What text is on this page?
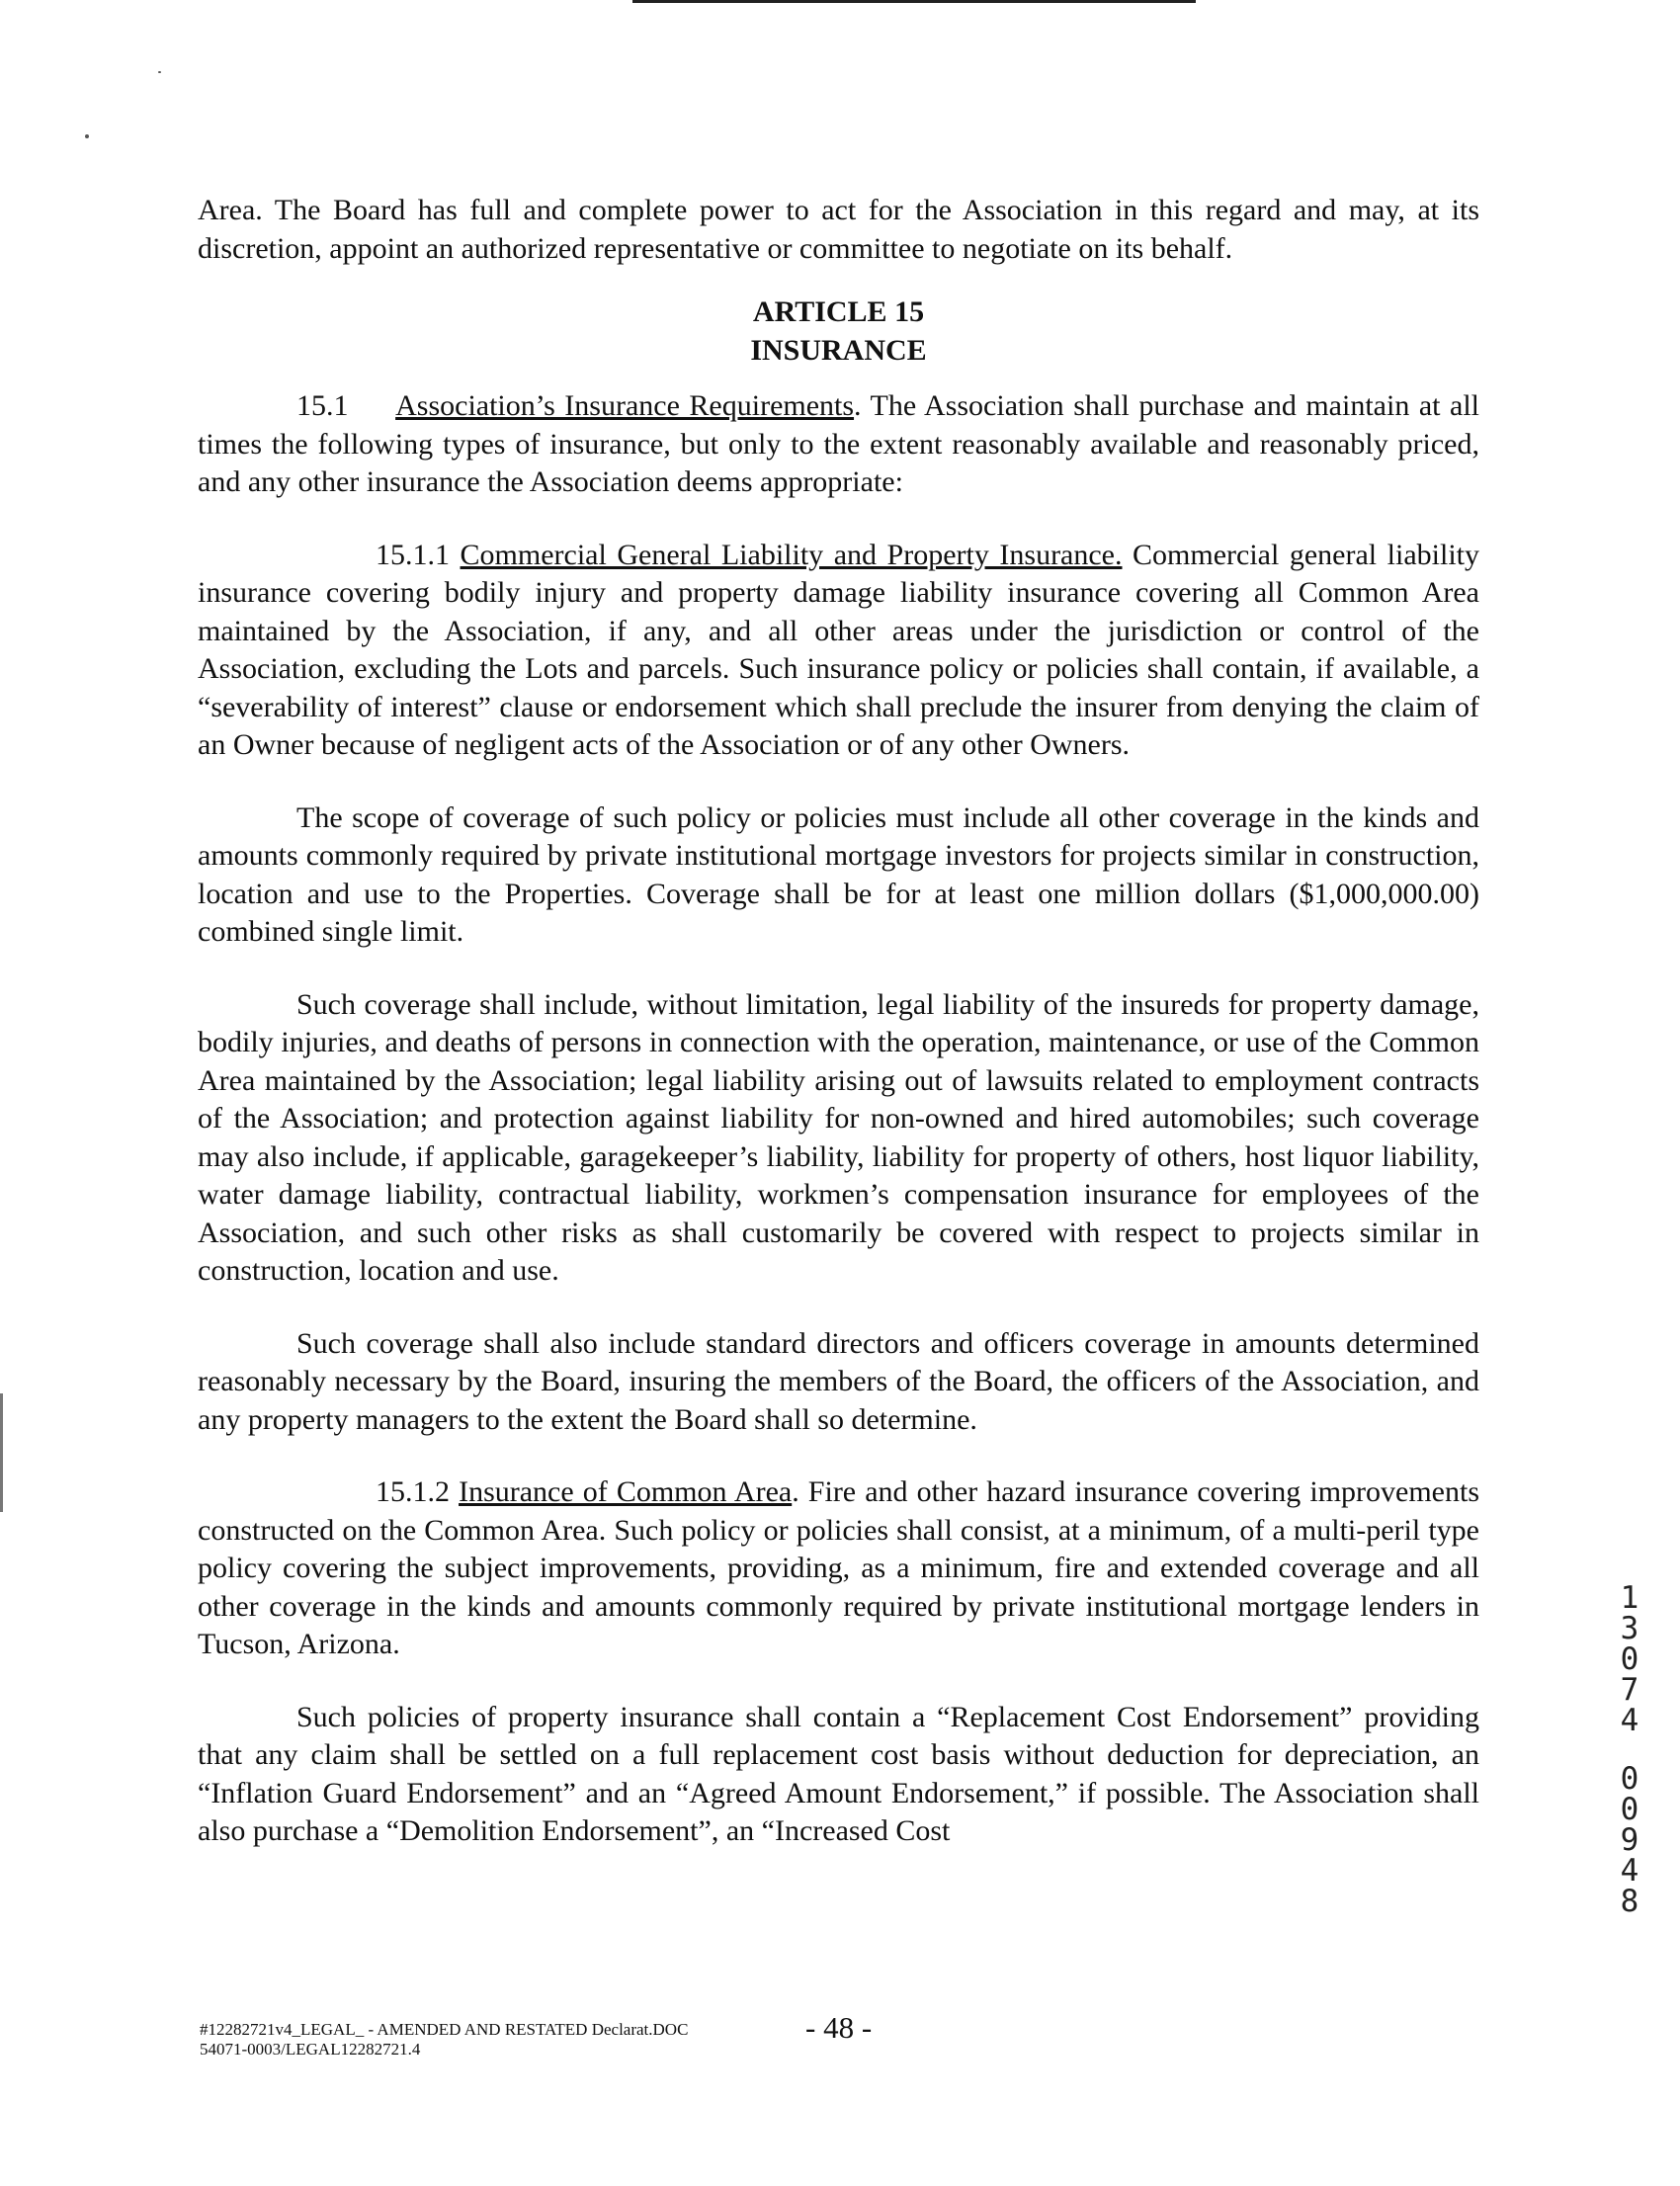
Area. The Board has full and complete power to act for the Association in this regard and may, at its discretion, appoint an authorized representative or committee to negotiate on its behalf.

ARTICLE 15

INSURANCE

15.1 Association’s Insurance Requirements. The Association shall purchase and maintain at all times the following types of insurance, but only to the extent reasonably available and reasonably priced, and any other insurance the Association deems appropriate:

15.1.1 Commercial General Liability and Property Insurance. Commercial general liability insurance covering bodily injury and property damage liability insurance covering all Common Area maintained by the Association, if any, and all other areas under the jurisdiction or control of the Association, excluding the Lots and parcels. Such insurance policy or policies shall contain, if available, a “severability of interest” clause or endorsement which shall preclude the insurer from denying the claim of an Owner because of negligent acts of the Association or of any other Owners.

The scope of coverage of such policy or policies must include all other coverage in the kinds and amounts commonly required by private institutional mortgage investors for projects similar in construction, location and use to the Properties. Coverage shall be for at least one million dollars ($1,000,000.00) combined single limit.

Such coverage shall include, without limitation, legal liability of the insureds for property damage, bodily injuries, and deaths of persons in connection with the operation, maintenance, or use of the Common Area maintained by the Association; legal liability arising out of lawsuits related to employment contracts of the Association; and protection against liability for non-owned and hired automobiles; such coverage may also include, if applicable, garagekeeper’s liability, liability for property of others, host liquor liability, water damage liability, contractual liability, workmen’s compensation insurance for employees of the Association, and such other risks as shall customarily be covered with respect to projects similar in construction, location and use.

Such coverage shall also include standard directors and officers coverage in amounts determined reasonably necessary by the Board, insuring the members of the Board, the officers of the Association, and any property managers to the extent the Board shall so determine.

15.1.2 Insurance of Common Area. Fire and other hazard insurance covering improvements constructed on the Common Area. Such policy or policies shall consist, at a minimum, of a multi-peril type policy covering the subject improvements, providing, as a minimum, fire and extended coverage and all other coverage in the kinds and amounts commonly required by private institutional mortgage lenders in Tucson, Arizona.

Such policies of property insurance shall contain a “Replacement Cost Endorsement” providing that any claim shall be settled on a full replacement cost basis without deduction for depreciation, an “Inflation Guard Endorsement” and an “Agreed Amount Endorsement,” if possible. The Association shall also purchase a “Demolition Endorsement”, an “Increased Cost

#12282721v4_LEGAL_ - AMENDED AND RESTATED Declarat.DOC
54071-0003/LEGAL12282721.4
- 48 -
1
3
0
7
4
0
0
9
4
8
